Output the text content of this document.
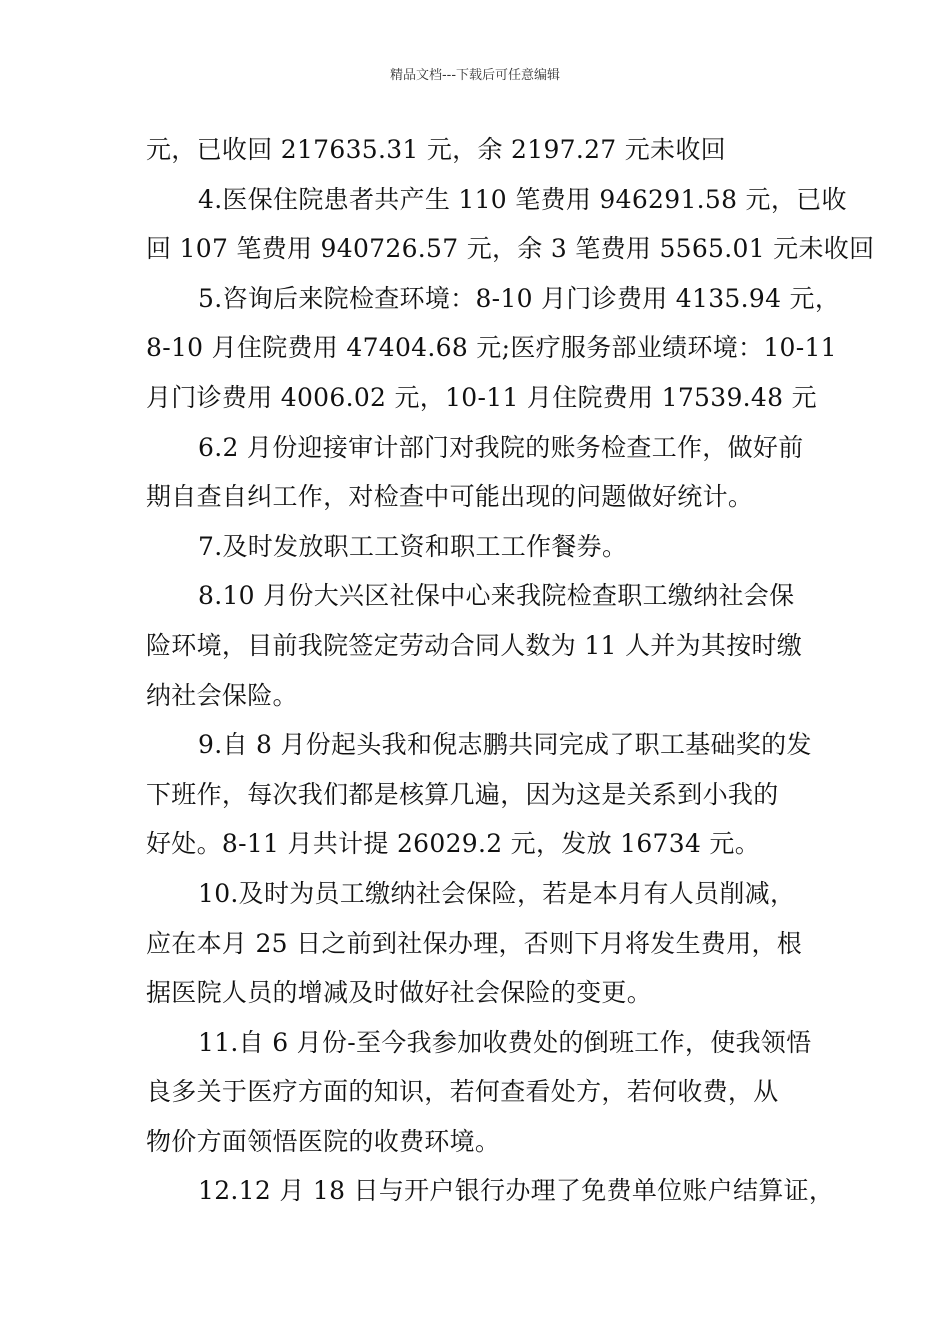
精品文档---下载后可任意编辑
元，已收回 217635.31 元，余 2197.27 元未收回
4.医保住院患者共产生 110 笔费用 946291.58 元，已收
回 107 笔费用 940726.57 元，余 3 笔费用 5565.01 元未收回
5.咨询后来院检查环境：8-10 月门诊费用 4135.94 元，
8-10 月住院费用 47404.68 元;医疗服务部业绩环境：10-11
月门诊费用 4006.02 元，10-11 月住院费用 17539.48 元
6.2 月份迎接审计部门对我院的账务检查工作，做好前
期自查自纠工作，对检查中可能出现的问题做好统计。
7.及时发放职工工资和职工工作餐券。
8.10 月份大兴区社保中心来我院检查职工缴纳社会保
险环境，目前我院签定劳动合同人数为 11 人并为其按时缴
纳社会保险。
9.自 8 月份起头我和倪志鹏共同完成了职工基础奖的发
下班作，每次我们都是核算几遍，因为这是关系到小我的
好处。8-11 月共计提 26029.2 元，发放 16734 元。
10.及时为员工缴纳社会保险，若是本月有人员削减，
应在本月 25 日之前到社保办理，否则下月将发生费用，根
据医院人员的增减及时做好社会保险的变更。
11.自 6 月份-至今我参加收费处的倒班工作，使我领悟
良多关于医疗方面的知识，若何查看处方，若何收费，从
物价方面领悟医院的收费环境。
12.12 月 18 日与开户银行办理了免费单位账户结算证，
